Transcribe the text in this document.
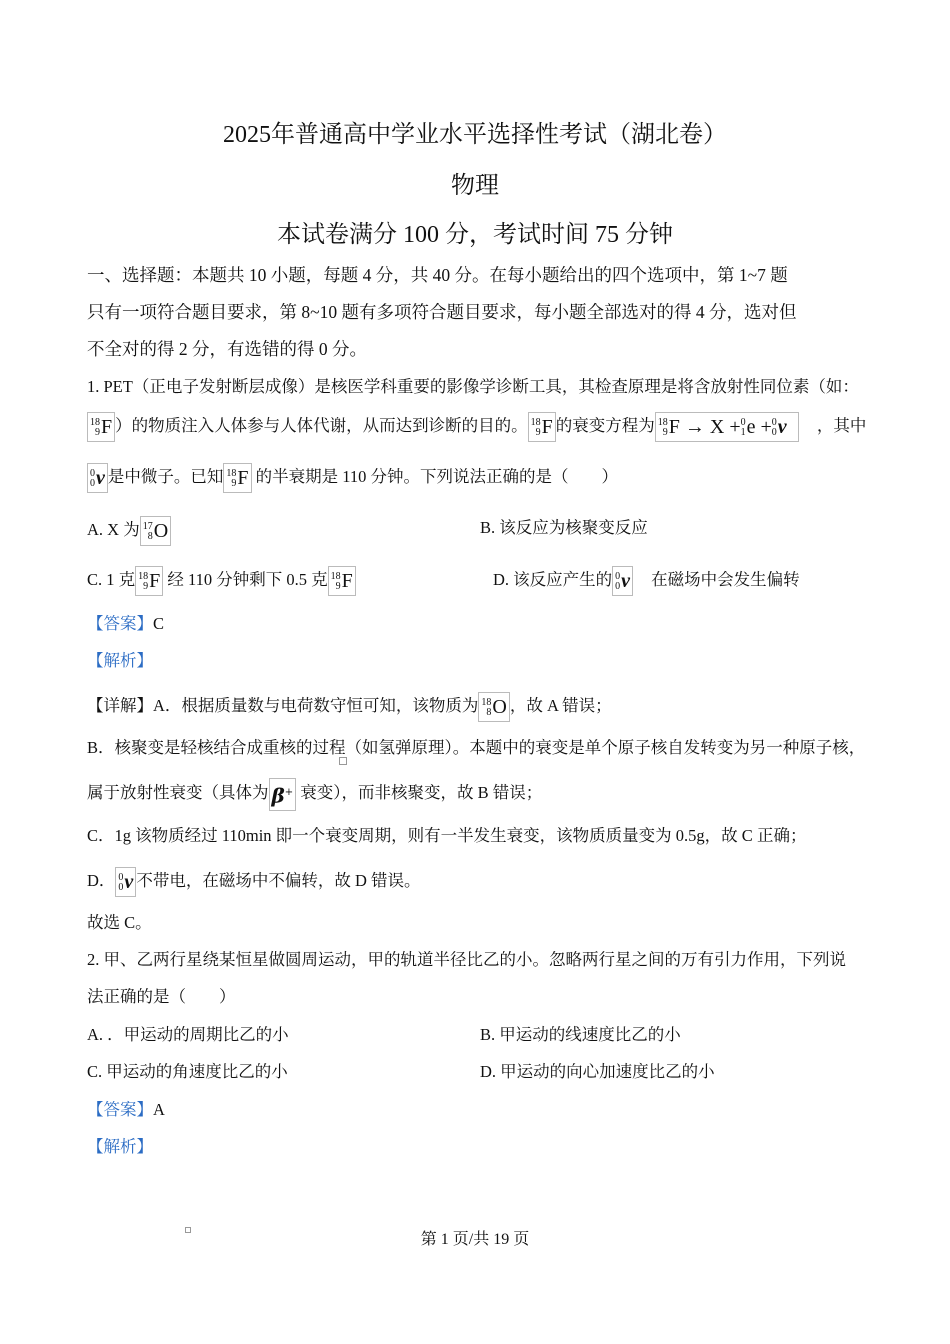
2025年普通高中学业水平选择性考试（湖北卷）
物理
本试卷满分 100 分，考试时间 75 分钟
一、选择题：本题共 10 小题，每题 4 分，共 40 分。在每小题给出的四个选项中，第 1~7 题
只有一项符合题目要求，第 8~10 题有多项符合题目要求，每小题全部选对的得 4 分，选对但
不全对的得 2 分，有选错的得 0 分。
1. PET（正电子发射断层成像）是核医学科重要的影像学诊断工具，其检查原理是将含放射性同位素（如：
18
9 F ）的物质注入人体参与人体代谢，从而达到诊断的目的。 18
9 F 的衰变方程为 18
9 F → X + 0
1 e + 0
0 ν ，其中
0
0 ν 是中微子。已知 18
9 F 的半衰期是 110 分钟。下列说法正确的是（　　）
A. X 为 17
8 O	B. 该反应为核聚变反应
C. 1 克 18
9 F 经 110 分钟剩下 0.5 克 18
9 F	D. 该反应产生的 0
0 ν 在磁场中会发生偏转
【答案】C
【解析】
【详解】A．根据质量数与电荷数守恒可知，该物质为 18
8 O ，故 A 错误；
B．核聚变是轻核结合成重核的过程（如氢弹原理）。本题中的衰变是单个原子核自发转变为另一种原子核，
属于放射性衰变（具体为 β+ 衰变），而非核聚变，故 B 错误；
C．1g 该物质经过 110min 即一个衰变周期，则有一半发生衰变，该物质质量变为 0.5g，故 C 正确；
D． 0
0 ν 不带电，在磁场中不偏转，故 D 错误。
故选 C。
2. 甲、乙两行星绕某恒星做圆周运动，甲的轨道半径比乙的小。忽略两行星之间的万有引力作用，下列说
法正确的是（　　）
A. ．甲运动的周期比乙的小	B. 甲运动的线速度比乙的小
C. 甲运动的角速度比乙的小	D. 甲运动的向心加速度比乙的小
【答案】A
【解析】
第 1 页/共 19 页
